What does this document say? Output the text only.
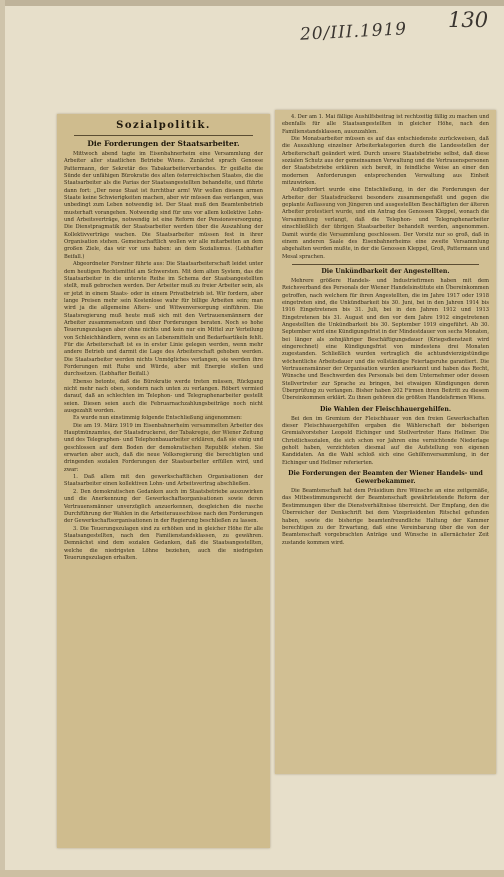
20/III.1919 130
Sozialpolitik.
Die Forderungen der Staatsarbeiter.

Mittwoch abend tagte im Eisenbahnerheim eine Versammlung der Arbeiter aller staatlichen Betriebe Wiens. Zunächst sprach Genosse Pattermann, der Sekretär des Tabakarbeiterverbandes. Er geißelte die Sünde der unfähigen Bürokratie des alten österreichischen Staates, die die Staatsarbeiter als die Parias der Staatsangestellten behandelte, und führte dann fort: „Der neue Staat ist furchtbar arm! Wir wollen diesem armen Staate keine Schwierigkeiten machen, aber wir müssen das verlangen, was unbedingt zum Leben notwendig ist. Der Staat muß den Beamtenbetrieb musterhaft vorangehen. Notwendig sind für uns vor allem kollektive Lohn- und Arbeitsverträge, notwendig ist eine Reform der Pensionsversorgung. Die Dienstpragmatik der Staatsarbeiter werden über die Auszahlung der Kollektivverträge wachen. Die Staatsarbeiter müssen fest in ihrer Organisation stehen. Gemeinschaftlich wollen wir alle mitarbeiten an dem großen Ziele, das wir vor uns haben: an dem Sozialismus. (Lebhafter Beifall.)

Abgeordneter Forstner führte aus: Die Staatsarbeiterschaft leidet unter dem heutigen Rechtsmittel am Schwersten. Mit dem alten System, das die Staatsarbeiter in die unterste Reihe im Schema der Staatsangestellten stellt, muß gebrochen werden. Der Arbeiter muß zu freier Arbeiter sein, als er jetzt in einem Staats- oder in einem Privatbetrieb ist. Wir fordern, aber lange Preisen mehr sein Kostenlose wahr für billige Arbeiten sein; man wird ja die allgemeine Alters- und Witwenversorgung einführen. Die Staatsregierung muß heute muß sich mit den Vertrauensmännern der Arbeiter zusammensetzen und über Forderungen beraten. Noch so hohe Teuerungszulagen aber ohne nichts und kein nur ein Mittel zur Verteilung von Schleichhändlern, wenn es an Lebensmitteln und Bedarfsartikeln fehlt. Für die Arbeiterschaft ist es in erster Linie gelegen werden, wenn mehr andere Betrieb und darmit die Lage des Arbeiterschaft gehoben werden. Die Staatsarbeiter werden nichts Unmögliches verlangen, sie werden ihre Forderungen mit Ruhe und Würde, aber mit Energie stellen und durchsetzen. (Lebhafter Beifall.)

Ebenso betonte, daß die Bürokratie werde treten müssen, Rückgang nicht mehr nach oben, sondern nach unten zu verlangen. Röbert vermied darauf, daß an schlechten im Telephon- und Telegraphenarbeiter gestellt seien. Diesen seien auch die Februarnachzahlungsbeiträge noch nicht ausgezahlt worden.

Es wurde nun einstimmig folgende Entschließung angenommen:

Die am 19. März 1919 im Eisenbahnerheim versammelten Arbeiter des Hauptmünzamtes, der Staatsdruckerei, der Tabakregie, der Wiener Zeitung und des Telegraphen- und Telephonbauarbeiter erklären, daß sie einig und geschlossen auf dem Boden der demokratischen Republik stehen. Sie erwarten aber auch, daß die neue Volksregierung die berechtigten und dringenden sozialen Forderungen der Staatsarbeiter erfüllen wird, und zwar:

1. Daß allem mit den gewerkschaftlichen Organisationen der Staatsarbeiter einen kollektiven Lohn- und Arbeitsvertrag abschließen.

2. Den demokratischen Gedanken auch im Staatsbetriebe auszuwirken und die Anerkennung der Gewerkschaftsorganisationen sowie deren Vertrauensmänner unverzüglich anzuerkennen, desgleichen die rasche Durchführung der Wahlen in die Arbeiterausschüsse nach den Forderungen der Gewerkschaftsorganisationen in der Regierung beschließen zu lassen.

3. Die Teuerungszulagen sind zu erhöhen und in gleicher Höhe für alle Staatsangestellten, nach den Familienstandsklassen, zu gewähren. Demnächst sind dem sozialen Gedanken, daß die Staatsangestellten, welche die niedrigsten Löhne beziehen, auch die niedrigsten Teuerungszulagen erhalten.

4. Der am 1. Mai fällige Aushilfsbeitrag ist rechtzeitig fällig zu machen und ebenfalls für alle Staatsangestellten in gleicher Höhe, nach den Familienstandsklassen, auszuzahlen.

Die Monatsarbeiter müssen es auf das entschiedenste zurückweisen, daß die Auszahlung einzelner Arbeiterkategorien durch die Landesstellen der Arbeiterschaft geändert wird. Durch unsere Staatsbetriebe selbst, daß diese sozialen Schutz aus der gemeinsamen Verwaltung und die Vertrauenspersonen der Staatsbetriebe erklären sich bereit, in feindliche Weise an einer den modernen Anforderungen entsprechenden Verwaltung aus Einheit mitzuwirken.

Aufgefordert wurde eine Entschließung, in der die Forderungen der Arbeiter der Staatsdruckerei besonders zusammengefaßt und gegen die geplante Auflassung von Jüngeren und ausgestellten Beschäftigten der älteren Arbeiter protestiert wurde, und ein Antrag des Genossen Kleppel, wonach die Versammlung verlangt, daß die Telephon- und Telegraphenarbeiter einschließlich der übrigen Staatsarbeiter behandelt werden, angenommen. Damit wurde die Versammlung geschlossen. Der Vorsitz nur so groß, daß in einem anderen Saale des Eisenbahnerheims eine zweite Versammlung abgehalten werden mußte, in der die Genossen Kleppel, Groß, Pattermann und Mesal sprachen.

Die Unkündbarkeit der Angestellten.

Mehrere größere Handels- und Industriefirmen haben mit dem Reichsverband des Personals der Wiener Handelsinstitute ein Übereinkommen getroffen, nach welchem für ihren Angestellten, die im Jahre 1917 oder 1918 eingetreten sind, die Unkündbarkeit bis 30. Juni, bei in den Jahren 1914 bis 1916 Eingetretenen bis 31. Juli, bei in den Jahren 1912 und 1913 Eingetretenen bis 31. August und den vor dem Jahre 1912 eingetretenen Angestellten die Unkündbarkeit bis 30. September 1919 eingeführt. Ab 30. September wird eine Kündigungsfrist in der Mindestdauer von sechs Monaten, bei länger als zehnjähriger Beschäftigungsdauer (Kriegsdienstzeit wird eingerechnet) eine Kündigungsfrist von mindestens drei Monaten zugestanden. Schließlich wurden vertraglich die achtundvierzigstündige wöchentliche Arbeitsdauer und die vollständige Feiertagsruhe garantiert. Die Vertrauensmänner der Organisation wurden anerkannt und haben das Recht, Wünsche und Beschwerden des Personals bei dem Unternehmer oder dessen Stellvertreter zur Sprache zu bringen, bei etwaigen Kündigungen deren Überprüfung zu verlangen. Bisher haben 202 Firmen ihren Beitritt zu diesem Übereinkommen erklärt. Zu ihnen gehören die größten Handelsfirmen Wiens.

Die Wahlen der Fleischhauergehilfen.

Bei den im Gremium der Fleischhauer von den freien Gewerkschaften dieser Fleischhauergehilfen ergaben die Wählerschaft der bisherigen Gremialvorsteher Leopold Eichinger und Stellvertreter Hans Hellmer. Die Christlichsozialen, die sich schon vor Jahren eine vernichtende Niederlage geholt haben, verzichteten diesmal auf die Aufstellung von eigenen Kandidaten. An die Wahl schloß sich eine Gehilfenversammlung, in der Eichinger und Hellmer referierten.

Die Forderungen der Beamten der Wiener Handels- und Gewerbekammer.

Die Beamtenschaft hat dem Präsidium ihre Wünsche an eine zeitgemäße, das Mitbestimmungsrecht der Beamtenschaft gewährleistende Reform der Bestimmungen über die Dienstverhältnisse überreicht. Der Empfang, den die Überreicher der Denkschrift bei dem Vizepräsidenten Ritschel gefunden haben, sowie die bisherige beamtenfreundliche Haltung der Kammer berechtigen zu der Erwartung, daß eine Vereinbarung über die von der Beamtenschaft vorgebrachten Anträge und Wünsche in allernächster Zeit zustande kommen wird.
